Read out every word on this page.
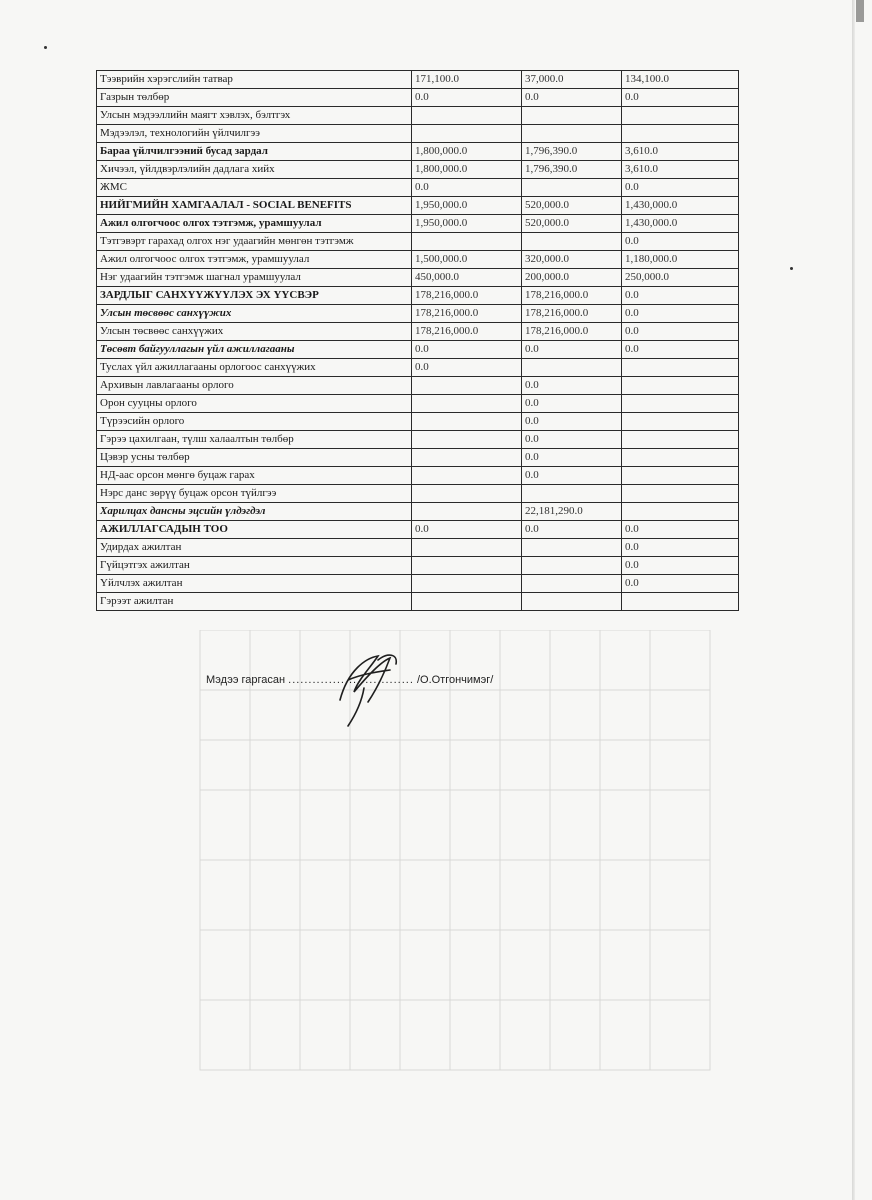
Тээврийн хэрэгслийн татвар	171,100.0	37,000.0	134,100.0
Газрын төлбөр	0.0	0.0	0.0
Улсын мэдээллийн маягт хэвлэх, бэлтгэх			
Мэдээлэл, технологийн үйлчилгээ			
Бараа үйлчилгээний бусад зардал	1,800,000.0	1,796,390.0	3,610.0
Хичээл, үйлдвэрлэлийн дадлага хийх	1,800,000.0	1,796,390.0	3,610.0
ЖМС	0.0		0.0
НИЙГМИЙН ХАМГААЛАЛ - SOCIAL BENEFITS	1,950,000.0	520,000.0	1,430,000.0
Ажил олгогчоос олгох тэтгэмж, урамшуулал	1,950,000.0	520,000.0	1,430,000.0
Тэтгэвэрт гарахад олгох нэг удаагийн мөнгөн тэтгэмж			0.0
Ажил олгогчоос олгох тэтгэмж, урамшуулал	1,500,000.0	320,000.0	1,180,000.0
Нэг удаагийн тэтгэмж шагнал урамшуулал	450,000.0	200,000.0	250,000.0
ЗАРДЛЫГ САНХҮҮЖҮҮЛЭХ ЭХ ҮҮСВЭР	178,216,000.0	178,216,000.0	0.0
Улсын төсвөөс санхүүжих	178,216,000.0	178,216,000.0	0.0
Улсын төсвөөс санхүүжих	178,216,000.0	178,216,000.0	0.0
Төсөвт байгууллагын үйл ажиллагааны	0.0	0.0	0.0
Туслах үйл ажиллагааны орлогоос санхүүжих	0.0		
Архивын лавлагааны орлого		0.0	
Орон сууцны орлого		0.0	
Түрээсийн орлого		0.0	
Гэрээ цахилгаан, түлш халаалтын төлбөр		0.0	
Цэвэр усны төлбөр		0.0	
НД-аас орсон мөнгө буцаж гарах		0.0	
Нэрс данс зөрүү буцаж орсон түйлгээ			
Харилцах дансны эцсийн үлдэгдэл		22,181,290.0	
АЖИЛЛАГСАДЫН ТОО	0.0	0.0	0.0
Удирдах ажилтан			0.0
Гүйцэтгэх ажилтан			0.0
Үйлчлэх ажилтан			0.0
Гэрээт ажилтан			
Мэдээ гаргасан ............................... /О.Отгончимэг/
